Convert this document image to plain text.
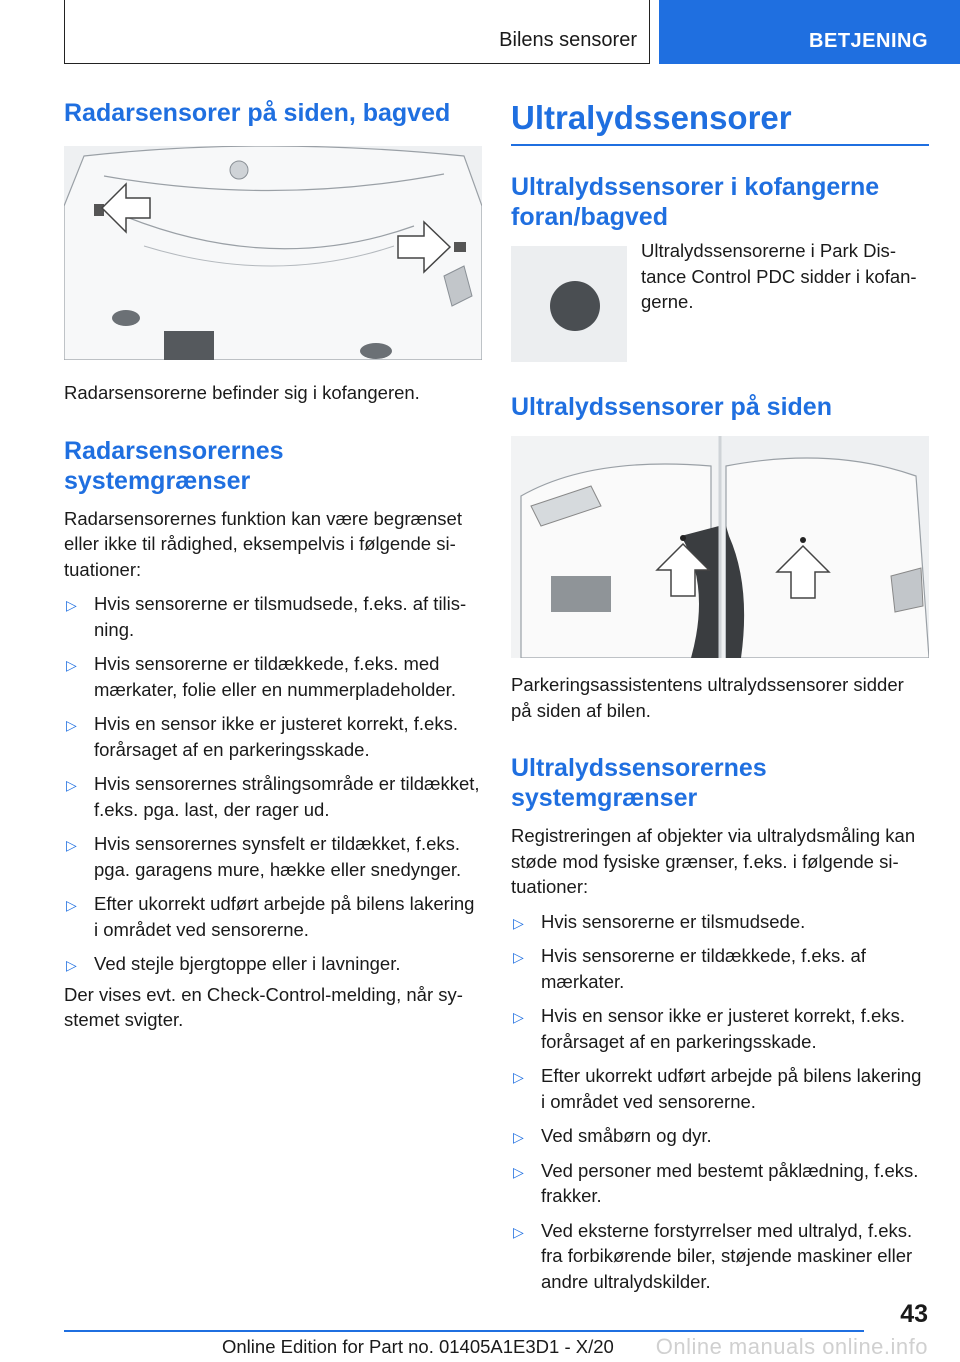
Bilens sensorer	BETJENING
Radarsensorer på siden, bagved
Radarsensorerne befinder sig i kofangeren.
Radarsensorernes systemgrænser
Radarsensorernes funktion kan være begrænset eller ikke til rådighed, eksempelvis i følgende situationer:
▷ Hvis sensorerne er tilsmudsede, f.eks. af tilisning.
▷ Hvis sensorerne er tildækkede, f.eks. med mærkater, folie eller en nummerpladeholder.
▷ Hvis en sensor ikke er justeret korrekt, f.eks. forårsaget af en parkeringsskade.
▷ Hvis sensorernes strålingsområde er tildækket, f.eks. pga. last, der rager ud.
▷ Hvis sensorernes synsfelt er tildækket, f.eks. pga. garagens mure, hække eller snedynger.
▷ Efter ukorrekt udført arbejde på bilens lakering i området ved sensorerne.
▷ Ved stejle bjergtoppe eller i lavninger.
Der vises evt. en Check-Control-melding, når systemet svigter.
Ultralydssensorer
Ultralydssensorer i kofangerne foran/bagved
Ultralydssensorerne i Park Distance Control PDC sidder i kofangerne.
Ultralydssensorer på siden
Parkeringsassistentens ultralydssensorer sidder på siden af bilen.
Ultralydssensorernes systemgrænser
Registreringen af objekter via ultralydsmåling kan støde mod fysiske grænser, f.eks. i følgende situationer:
▷ Hvis sensorerne er tilsmudsede.
▷ Hvis sensorerne er tildækkede, f.eks. af mærkater.
▷ Hvis en sensor ikke er justeret korrekt, f.eks. forårsaget af en parkeringsskade.
▷ Efter ukorrekt udført arbejde på bilens lakering i området ved sensorerne.
▷ Ved småbørn og dyr.
▷ Ved personer med bestemt påklædning, f.eks. frakker.
▷ Ved eksterne forstyrrelser med ultralyd, f.eks. fra forbikørende biler, støjende maskiner eller andre ultralydskilder.
43
Online Edition for Part no. 01405A1E3D1 - X/20 Online manuals online.info
